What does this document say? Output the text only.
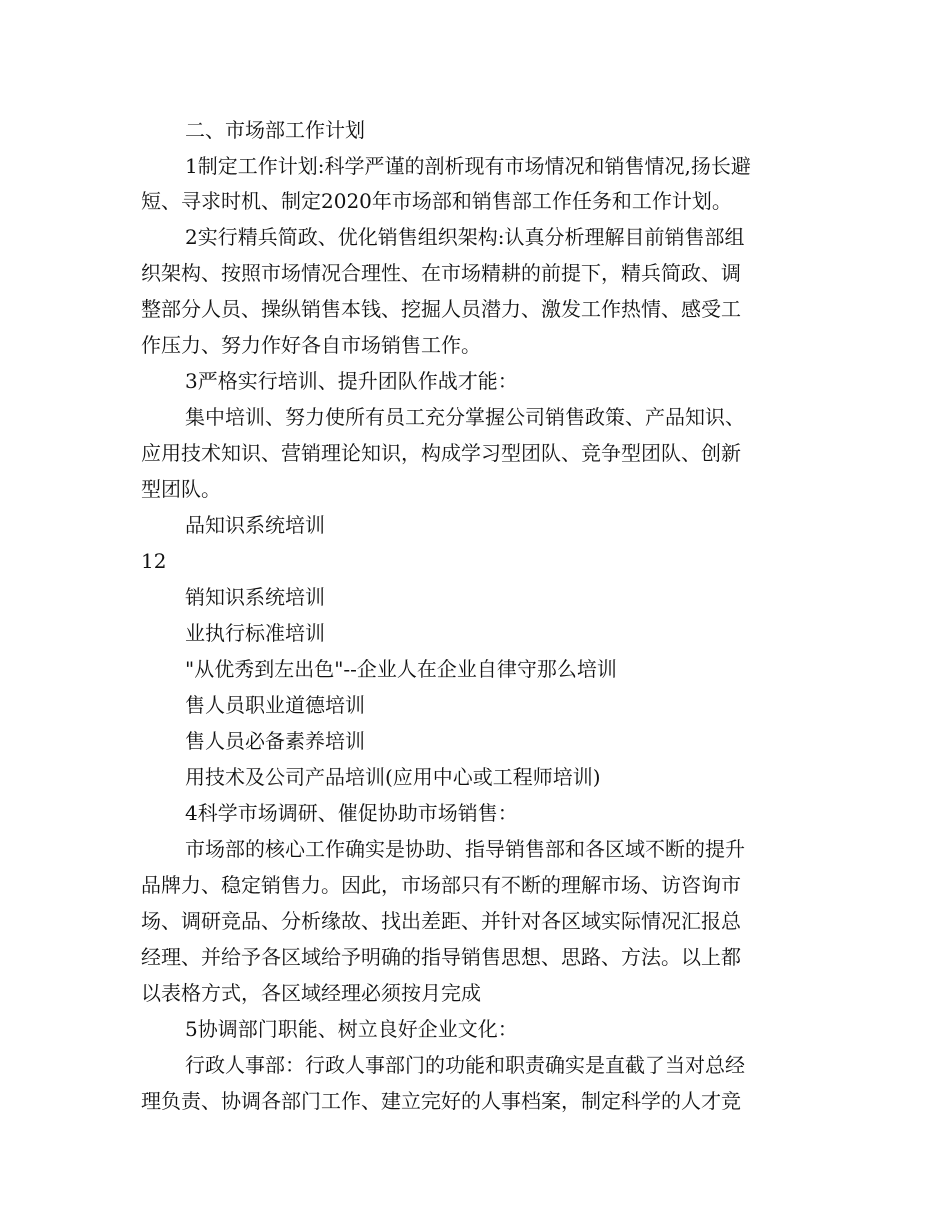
二、市场部工作计划
1制定工作计划:科学严谨的剖析现有市场情况和销售情况,扬长避
短、寻求时机、制定2020年市场部和销售部工作任务和工作计划。
2实行精兵简政、优化销售组织架构:认真分析理解目前销售部组
织架构、按照市场情况合理性、在市场精耕的前提下，精兵简政、调
整部分人员、操纵销售本钱、挖掘人员潜力、激发工作热情、感受工
作压力、努力作好各自市场销售工作。
3严格实行培训、提升团队作战才能：
集中培训、努力使所有员工充分掌握公司销售政策、产品知识、
应用技术知识、营销理论知识，构成学习型团队、竞争型团队、创新
型团队。
品知识系统培训
12
销知识系统培训
业执行标准培训
"从优秀到左出色"--企业人在企业自律守那么培训
售人员职业道德培训
售人员必备素养培训
用技术及公司产品培训(应用中心或工程师培训)
4科学市场调研、催促协助市场销售：
市场部的核心工作确实是协助、指导销售部和各区域不断的提升
品牌力、稳定销售力。因此，市场部只有不断的理解市场、访咨询市
场、调研竞品、分析缘故、找出差距、并针对各区域实际情况汇报总
经理、并给予各区域给予明确的指导销售思想、思路、方法。以上都
以表格方式，各区域经理必须按月完成
5协调部门职能、树立良好企业文化：
行政人事部：行政人事部门的功能和职责确实是直截了当对总经
理负责、协调各部门工作、建立完好的人事档案，制定科学的人才竞
